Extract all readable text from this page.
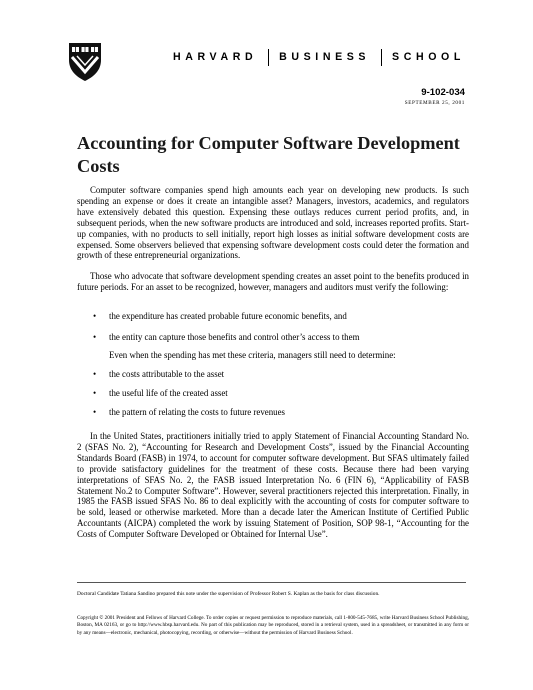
HARVARD BUSINESS SCHOOL
9-102-034
SEPTEMBER 25, 2001
Accounting for Computer Software Development Costs

Computer software companies spend high amounts each year on developing new products. Is such spending an expense or does it create an intangible asset? Managers, investors, academics, and regulators have extensively debated this question. Expensing these outlays reduces current period profits, and, in subsequent periods, when the new software products are introduced and sold, increases reported profits. Start-up companies, with no products to sell initially, report high losses as initial software development costs are expensed. Some observers believed that expensing software development costs could deter the formation and growth of these entrepreneurial organizations.

Those who advocate that software development spending creates an asset point to the benefits produced in future periods. For an asset to be recognized, however, managers and auditors must verify the following:

• the expenditure has created probable future economic benefits, and
• the entity can capture those benefits and control other’s access to them
Even when the spending has met these criteria, managers still need to determine:
• the costs attributable to the asset
• the useful life of the created asset
• the pattern of relating the costs to future revenues

In the United States, practitioners initially tried to apply Statement of Financial Accounting Standard No. 2 (SFAS No. 2), “Accounting for Research and Development Costs”, issued by the Financial Accounting Standards Board (FASB) in 1974, to account for computer software development. But SFAS ultimately failed to provide satisfactory guidelines for the treatment of these costs. Because there had been varying interpretations of SFAS No. 2, the FASB issued Interpretation No. 6 (FIN 6), “Applicability of FASB Statement No.2 to Computer Software”. However, several practitioners rejected this interpretation. Finally, in 1985 the FASB issued SFAS No. 86 to deal explicitly with the accounting of costs for computer software to be sold, leased or otherwise marketed. More than a decade later the American Institute of Certified Public Accountants (AICPA) completed the work by issuing Statement of Position, SOP 98-1, “Accounting for the Costs of Computer Software Developed or Obtained for Internal Use”.

Doctoral Candidate Tatiana Sandino prepared this note under the supervision of Professor Robert S. Kaplan as the basis for class discussion.
Copyright © 2001 President and Fellows of Harvard College. To order copies or request permission to reproduce materials, call 1-800-545-7685, write Harvard Business School Publishing, Boston, MA 02163, or go to http://www.hbsp.harvard.edu. No part of this publication may be reproduced, stored in a retrieval system, used in a spreadsheet, or transmitted in any form or by any means—electronic, mechanical, photocopying, recording, or otherwise—without the permission of Harvard Business School.
